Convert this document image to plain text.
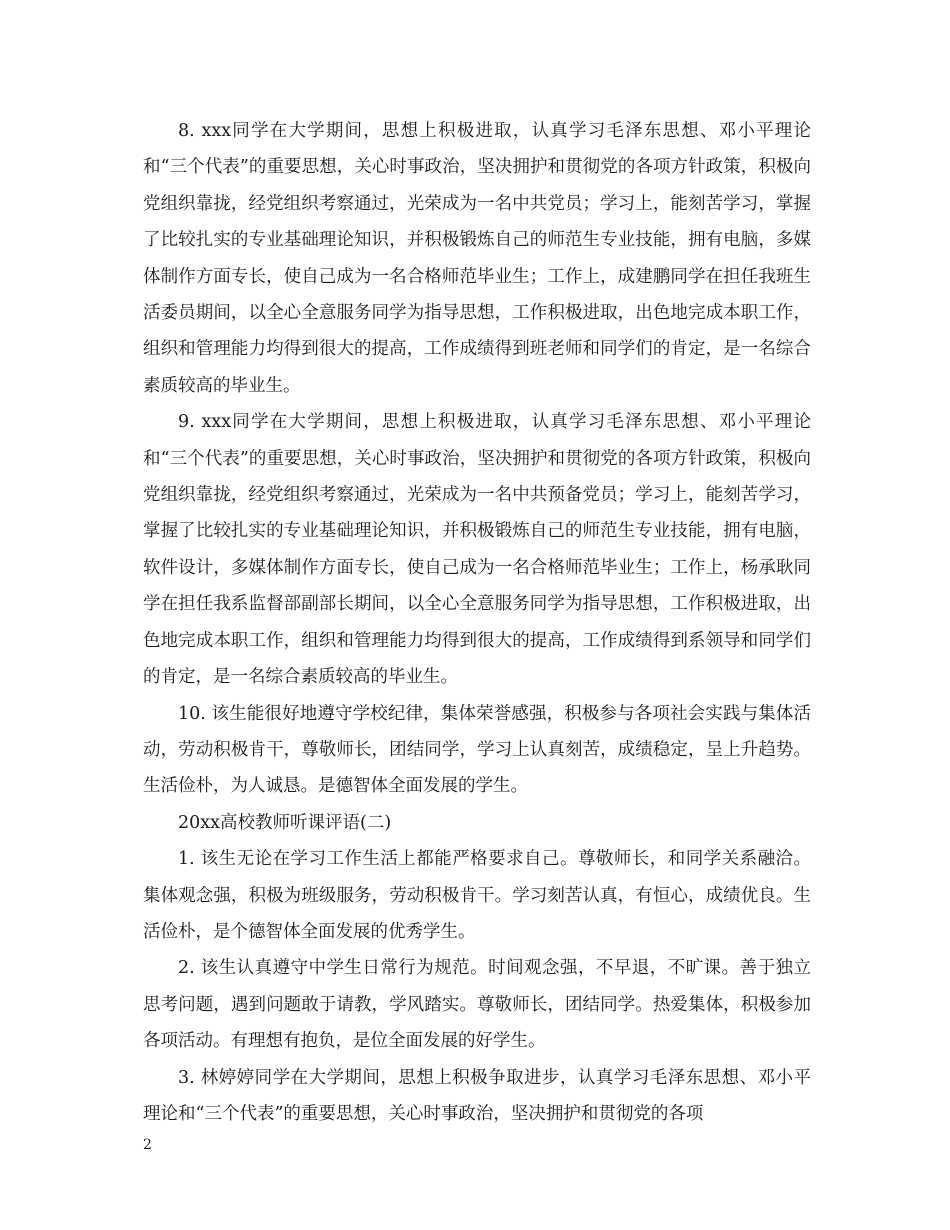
8. xxx同学在大学期间，思想上积极进取，认真学习毛泽东思想、邓小平理论和“三个代表”的重要思想，关心时事政治，坚决拥护和贯彻党的各项方针政策，积极向党组织靠拢，经党组织考察通过，光荣成为一名中共党员；学习上，能刻苦学习，掌握了比较扎实的专业基础理论知识，并积极锻炼自己的师范生专业技能，拥有电脑，多媒体制作方面专长，使自己成为一名合格师范毕业生；工作上，成建鹏同学在担任我班生活委员期间，以全心全意服务同学为指导思想，工作积极进取，出色地完成本职工作，组织和管理能力均得到很大的提高，工作成绩得到班老师和同学们的肯定，是一名综合素质较高的毕业生。

9. xxx同学在大学期间，思想上积极进取，认真学习毛泽东思想、邓小平理论和“三个代表”的重要思想，关心时事政治，坚决拥护和贯彻党的各项方针政策，积极向党组织靠拢，经党组织考察通过，光荣成为一名中共预备党员；学习上，能刻苦学习，掌握了比较扎实的专业基础理论知识，并积极锻炼自己的师范生专业技能，拥有电脑，软件设计，多媒体制作方面专长，使自己成为一名合格师范毕业生；工作上，杨承耿同学在担任我系监督部副部长期间，以全心全意服务同学为指导思想，工作积极进取，出色地完成本职工作，组织和管理能力均得到很大的提高，工作成绩得到系领导和同学们的肯定，是一名综合素质较高的毕业生。

10. 该生能很好地遵守学校纪律，集体荣誉感强，积极参与各项社会实践与集体活动，劳动积极肯干，尊敬师长，团结同学，学习上认真刻苦，成绩稳定，呈上升趋势。生活俭朴，为人诚恳。是德智体全面发展的学生。

20xx高校教师听课评语(二)

1. 该生无论在学习工作生活上都能严格要求自己。尊敬师长，和同学关系融洽。集体观念强，积极为班级服务，劳动积极肯干。学习刻苦认真，有恒心，成绩优良。生活俭朴，是个德智体全面发展的优秀学生。

2. 该生认真遵守中学生日常行为规范。时间观念强，不早退，不旷课。善于独立思考问题，遇到问题敢于请教，学风踏实。尊敬师长，团结同学。热爱集体，积极参加各项活动。有理想有抱负，是位全面发展的好学生。

3. 林婷婷同学在大学期间，思想上积极争取进步，认真学习毛泽东思想、邓小平理论和“三个代表”的重要思想，关心时事政治，坚决拥护和贯彻党的各项

2
